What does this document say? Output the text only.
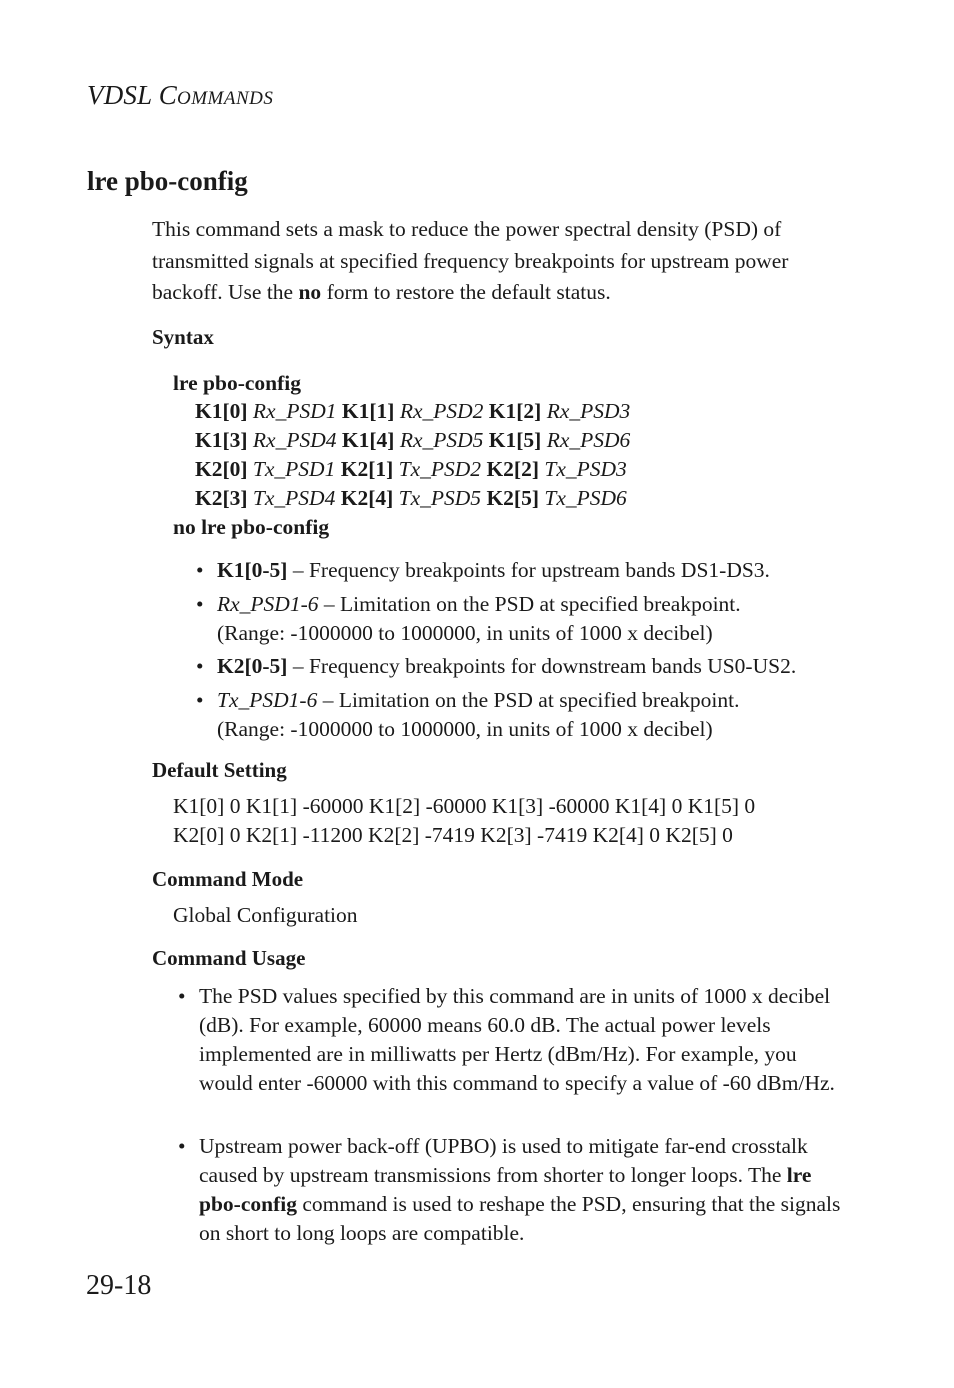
VDSL COMMANDS
lre pbo-config
This command sets a mask to reduce the power spectral density (PSD) of transmitted signals at specified frequency breakpoints for upstream power backoff. Use the no form to restore the default status.
Syntax
lre pbo-config
K1[0] Rx_PSD1 K1[1] Rx_PSD2 K1[2] Rx_PSD3
K1[3] Rx_PSD4 K1[4] Rx_PSD5 K1[5] Rx_PSD6
K2[0] Tx_PSD1 K2[1] Tx_PSD2 K2[2] Tx_PSD3
K2[3] Tx_PSD4 K2[4] Tx_PSD5 K2[5] Tx_PSD6
no lre pbo-config
• K1[0-5] – Frequency breakpoints for upstream bands DS1-DS3.
• Rx_PSD1-6 – Limitation on the PSD at specified breakpoint.
(Range: -1000000 to 1000000, in units of 1000 x decibel)
• K2[0-5] – Frequency breakpoints for downstream bands US0-US2.
• Tx_PSD1-6 – Limitation on the PSD at specified breakpoint.
(Range: -1000000 to 1000000, in units of 1000 x decibel)
Default Setting
K1[0] 0 K1[1] -60000 K1[2] -60000 K1[3] -60000 K1[4] 0 K1[5] 0
K2[0] 0 K2[1] -11200 K2[2] -7419 K2[3] -7419 K2[4] 0 K2[5] 0
Command Mode
Global Configuration
Command Usage
• The PSD values specified by this command are in units of 1000 x decibel (dB). For example, 60000 means 60.0 dB. The actual power levels implemented are in milliwatts per Hertz (dBm/Hz). For example, you would enter -60000 with this command to specify a value of -60 dBm/Hz.
• Upstream power back-off (UPBO) is used to mitigate far-end crosstalk caused by upstream transmissions from shorter to longer loops. The lre pbo-config command is used to reshape the PSD, ensuring that the signals on short to long loops are compatible.
29-18
